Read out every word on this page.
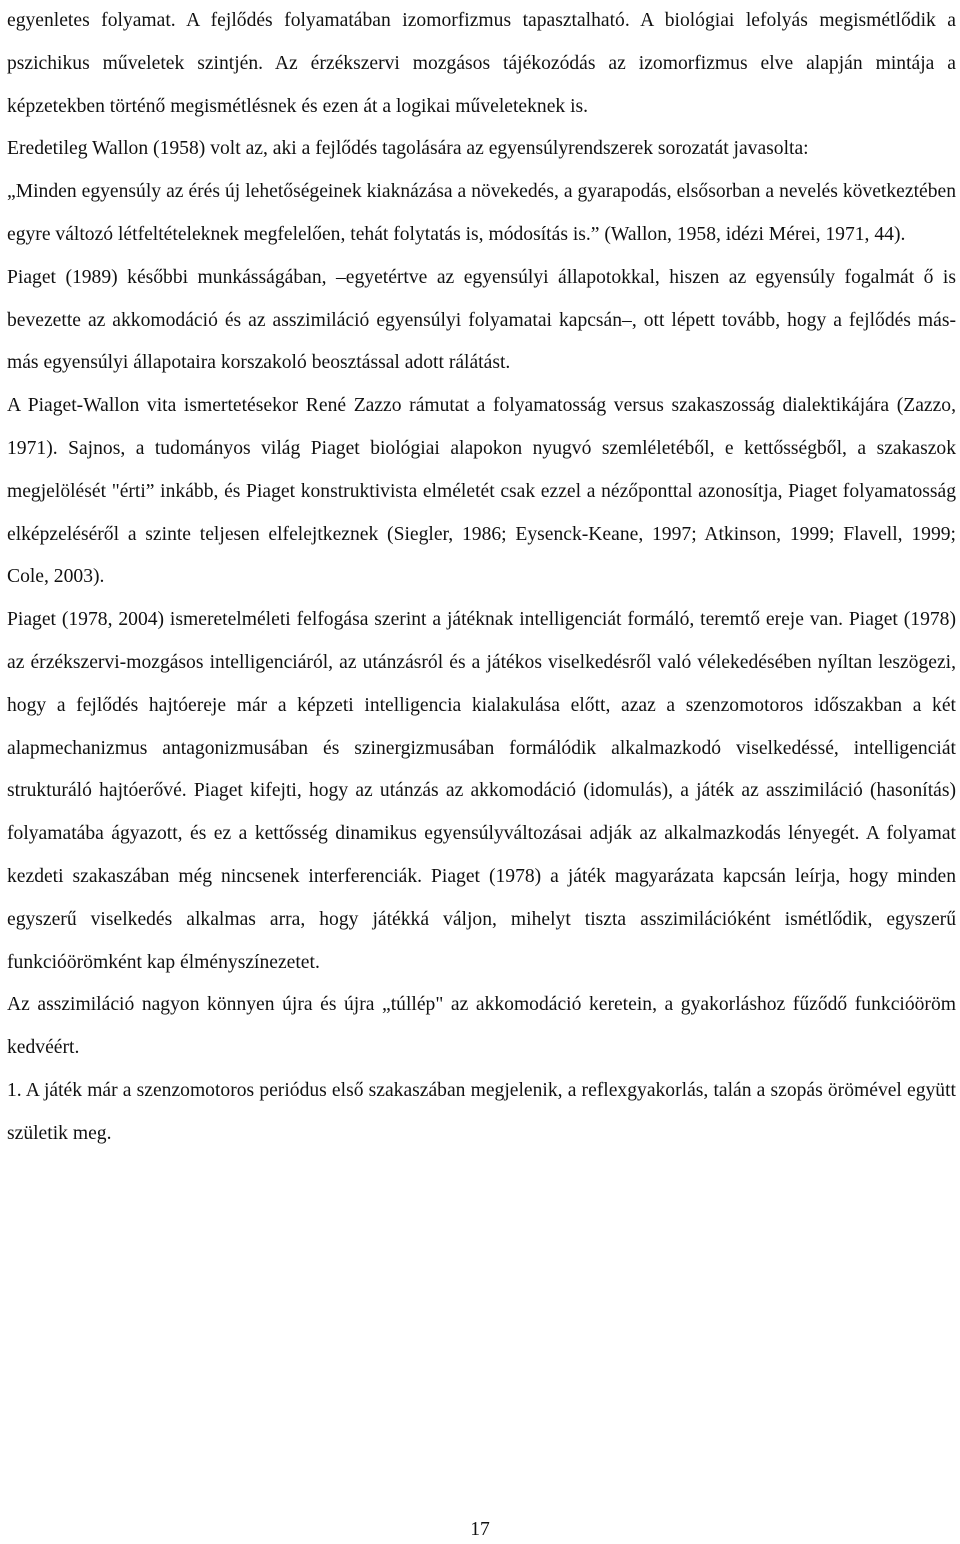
egyenletes folyamat. A fejlődés folyamatában izomorfizmus tapasztalható. A biológiai lefolyás megismétlődik a pszichikus műveletek szintjén. Az érzékszervi mozgásos tájékozódás az izomorfizmus elve alapján mintája a képzetekben történő megismétlésnek és ezen át a logikai műveleteknek is.

Eredetileg Wallon (1958) volt az, aki a fejlődés tagolására az egyensúlyrendszerek sorozatát javasolta:

„Minden egyensúly az érés új lehetőségeinek kiaknázása a növekedés, a gyarapodás, elsősorban a nevelés következtében egyre változó létfeltételeknek megfelelően, tehát folytatás is, módosítás is.” (Wallon, 1958, idézi Mérei, 1971, 44).

Piaget (1989) későbbi munkásságában, –egyetértve az egyensúlyi állapotokkal, hiszen az egyensúly fogalmát ő is bevezette az akkomodáció és az asszimiláció egyensúlyi folyamatai kapcsán–, ott lépett tovább, hogy a fejlődés más-más egyensúlyi állapotaira korszakoló beosztással adott rálátást.

A Piaget-Wallon vita ismertetésekor René Zazzo rámutat a folyamatosság versus szakaszosság dialektikájára (Zazzo, 1971). Sajnos, a tudományos világ Piaget biológiai alapokon nyugvó szemléletéből, e kettősségből, a szakaszok megjelölését "érti” inkább, és Piaget konstruktivista elméletét csak ezzel a nézőponttal azonosítja, Piaget folyamatosság elképzeléséről a szinte teljesen elfelejtkeznek (Siegler, 1986; Eysenck-Keane, 1997; Atkinson, 1999; Flavell, 1999; Cole, 2003).

Piaget (1978, 2004) ismeretelméleti felfogása szerint a játéknak intelligenciát formáló, teremtő ereje van. Piaget (1978) az érzékszervi-mozgásos intelligenciáról, az utánzásról és a játékos viselkedésről való vélekedésében nyíltan leszögezi, hogy a fejlődés hajtóereje már a képzeti intelligencia kialakulása előtt, azaz a szenzomotoros időszakban a két alapmechanizmus antagonizmusában és szinergizmusában formálódik alkalmazkodó viselkedéssé, intelligenciát strukturáló hajtóerővé. Piaget kifejti, hogy az utánzás az akkomodáció (idomulás), a játék az asszimiláció (hasonítás) folyamatába ágyazott, és ez a kettősség dinamikus egyensúlyváltozásai adják az alkalmazkodás lényegét. A folyamat kezdeti szakaszában még nincsenek interferenciák. Piaget (1978) a játék magyarázata kapcsán leírja, hogy minden egyszerű viselkedés alkalmas arra, hogy játékká váljon, mihelyt tiszta asszimilációként ismétlődik, egyszerű funkcióörömként kap élményszínezetet.

Az asszimiláció nagyon könnyen újra és újra „túllép" az akkomodáció keretein, a gyakorláshoz fűződő funkcióöröm kedvéért.

1. A játék már a szenzomotoros periódus első szakaszában megjelenik, a reflexgyakorlás, talán a szopás örömével együtt születik meg.

17
